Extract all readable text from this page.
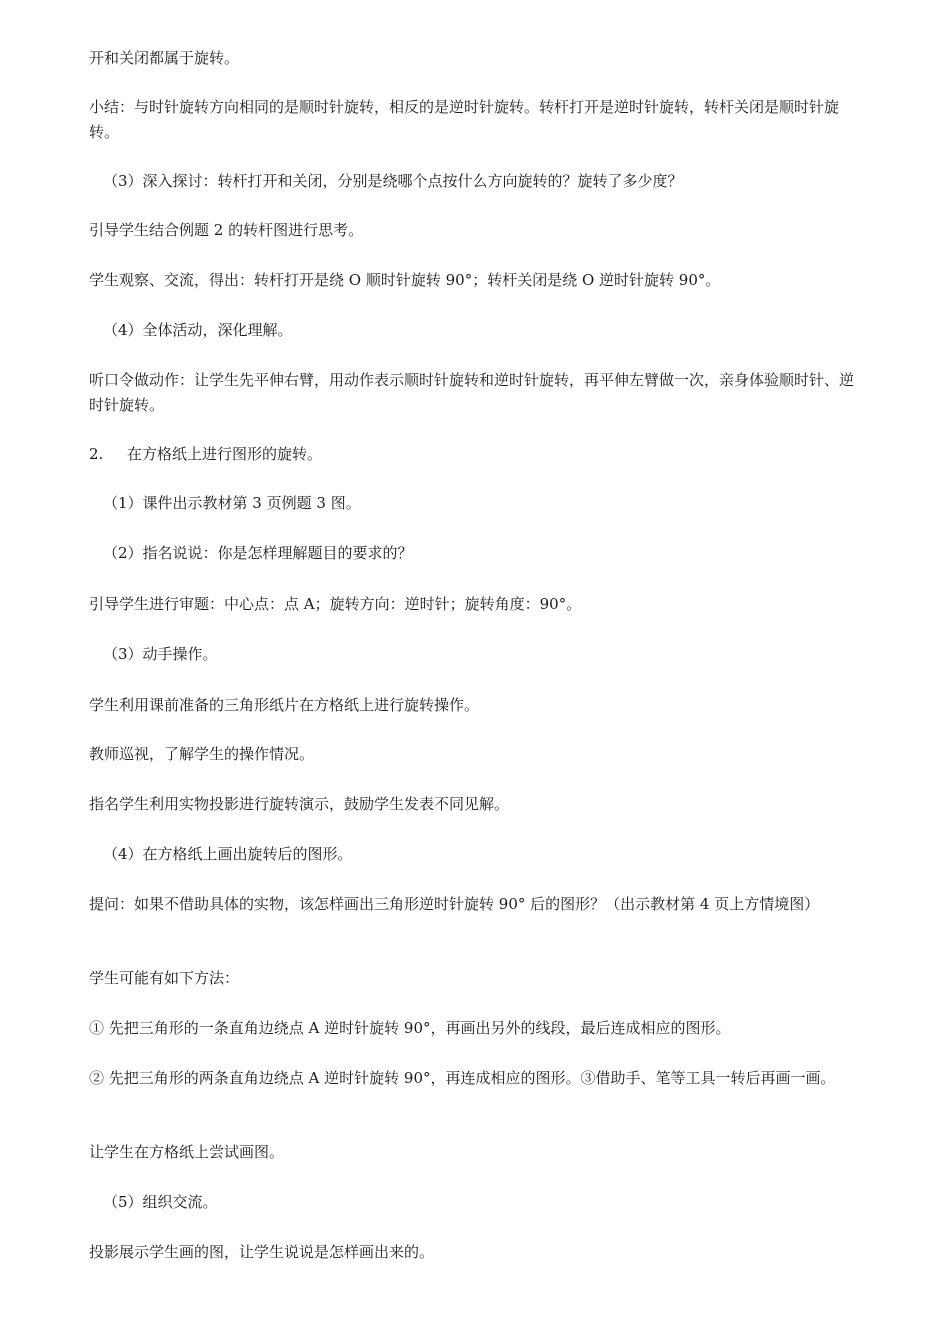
开和关闭都属于旋转。
小结：与时针旋转方向相同的是顺时针旋转，相反的是逆时针旋转。转杆打开是逆时针旋转，转杆关闭是顺时针旋转。
（3）深入探讨：转杆打开和关闭，分别是绕哪个点按什么方向旋转的？旋转了多少度？
引导学生结合例题 2 的转杆图进行思考。
学生观察、交流，得出：转杆打开是绕 O 顺时针旋转 90°；转杆关闭是绕 O 逆时针旋转 90°。
（4）全体活动，深化理解。
听口令做动作：让学生先平伸右臂，用动作表示顺时针旋转和逆时针旋转，再平伸左臂做一次，亲身体验顺时针、逆时针旋转。
2. 在方格纸上进行图形的旋转。
（1）课件出示教材第 3 页例题 3 图。
（2）指名说说：你是怎样理解题目的要求的？
引导学生进行审题：中心点：点 A；旋转方向：逆时针；旋转角度：90°。
（3）动手操作。
学生利用课前准备的三角形纸片在方格纸上进行旋转操作。
教师巡视，了解学生的操作情况。
指名学生利用实物投影进行旋转演示，鼓励学生发表不同见解。
（4）在方格纸上画出旋转后的图形。
提问：如果不借助具体的实物，该怎样画出三角形逆时针旋转 90° 后的图形？（出示教材第 4 页上方情境图）
学生可能有如下方法：
① 先把三角形的一条直角边绕点 A 逆时针旋转 90°，再画出另外的线段，最后连成相应的图形。
② 先把三角形的两条直角边绕点 A 逆时针旋转 90°，再连成相应的图形。③借助手、笔等工具一转后再画一画。
让学生在方格纸上尝试画图。
（5）组织交流。
投影展示学生画的图，让学生说说是怎样画出来的。
